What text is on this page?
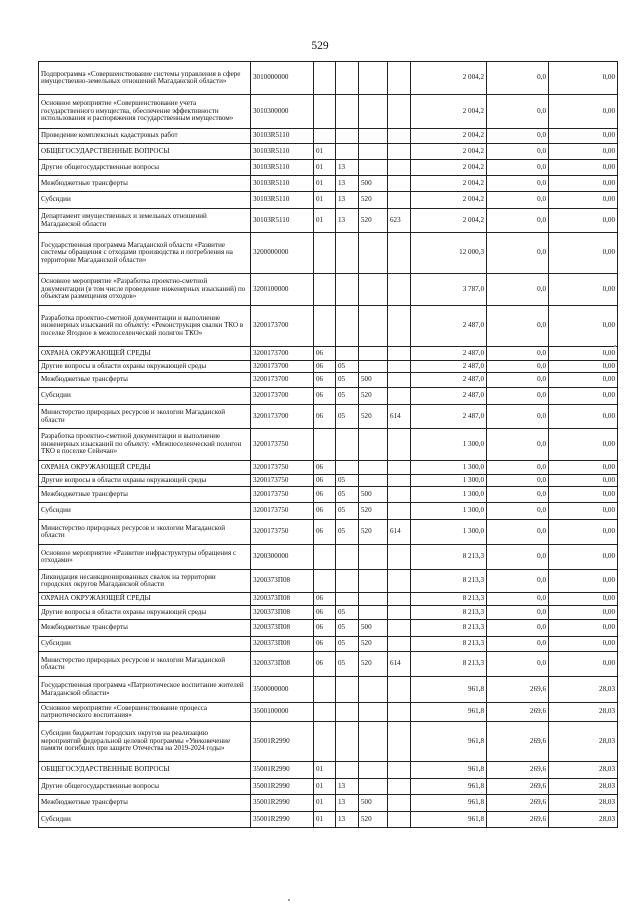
529
Подпрограмма «Совершенствование системы управления в сфере имущественно-земельных отношений Магаданской области»	3010000000					2 004,2	0,0	0,00
Основное мероприятие «Совершенствование учета государственного имущества, обеспечение эффективности использования и распоряжения государственным имуществом»	3010300000					2 004,2	0,0	0,00
Проведение комплексных кадастровых работ	30103R5110					2 004,2	0,0	0,00
ОБЩЕГОСУДАРСТВЕННЫЕ ВОПРОСЫ	30103R5110	01				2 004,2	0,0	0,00
Другие общегосударственные вопросы	30103R5110	01	13			2 004,2	0,0	0,00
Межбюджетные трансферты	30103R5110	01	13	500		2 004,2	0,0	0,00
Субсидии	30103R5110	01	13	520		2 004,2	0,0	0,00
Департамент имущественных и земельных отношений Магаданской области	30103R5110	01	13	520	623	2 004,2	0,0	0,00
Государственная программа Магаданской области «Развитие системы обращения с отходами производства и потребления на территории Магаданской области»	3200000000					12 000,3	0,0	0,00
Основное мероприятие «Разработка проектно-сметной документации (в том числе проведение инженерных изысканий) по объектам размещения отходов»	3200100000					3 787,0	0,0	0,00
Разработка проектно-сметной документации и выполнение инженерных изысканий по объекту: «Реконструкция свалки ТКО в поселке Ягодное в межпоселенческий полигон ТКО»	3200173700					2 487,0	0,0	0,00
ОХРАНА ОКРУЖАЮЩЕЙ СРЕДЫ	3200173700	06				2 487,0	0,0	0,00
Другие вопросы в области охраны окружающей среды	3200173700	06	05			2 487,0	0,0	0,00
Межбюджетные трансферты	3200173700	06	05	500		2 487,0	0,0	0,00
Субсидии	3200173700	06	05	520		2 487,0	0,0	0,00
Министерство природных ресурсов и экологии Магаданской области	3200173700	06	05	520	614	2 487,0	0,0	0,00
Разработка проектно-сметной документации и выполнение инженерных изысканий по объекту: «Межпоселенческий полигон ТКО в поселке Сейнчан»	3200173750					1 300,0	0,0	0,00
ОХРАНА ОКРУЖАЮЩЕЙ СРЕДЫ	3200173750	06				1 300,0	0,0	0,00
Другие вопросы в области охраны окружающей среды	3200173750	06	05			1 300,0	0,0	0,00
Межбюджетные трансферты	3200173750	06	05	500		1 300,0	0,0	0,00
Субсидии	3200173750	06	05	520		1 300,0	0,0	0,00
Министерство природных ресурсов и экологии Магаданской области	3200173750	06	05	520	614	1 300,0	0,0	0,00
Основное мероприятие «Развитие инфраструктуры обращения с отходами»	3200300000					8 213,3	0,0	0,00
Ликвидация несанкционированных свалок на территории городских округов Магаданской области	3200373П08					8 213,3	0,0	0,00
ОХРАНА ОКРУЖАЮЩЕЙ СРЕДЫ	3200373П08	06				8 213,3	0,0	0,00
Другие вопросы в области охраны окружающей среды	3200373П08	06	05			8 213,3	0,0	0,00
Межбюджетные трансферты	3200373П08	06	05	500		8 213,3	0,0	0,00
Субсидии	3200373П08	06	05	520		8 213,3	0,0	0,00
Министерство природных ресурсов и экологии Магаданской области	3200373П08	06	05	520	614	8 213,3	0,0	0,00
Государственная программа «Патриотическое воспитание жителей Магаданской области»	3500000000					961,8	269,6	28,03
Основное мероприятие «Совершенствование процесса патриотического воспитания»	3500100000					961,8	269,6	28,03
Субсидии бюджетам городских округов на реализацию мероприятий федеральной целевой программы «Увековечение памяти погибших при защите Отечества на 2019-2024 годы»	35001R2990					961,8	269,6	28,03
ОБЩЕГОСУДАРСТВЕННЫЕ ВОПРОСЫ	35001R2990	01				961,8	269,6	28,03
Другие общегосударственные вопросы	35001R2990	01	13			961,8	269,6	28,03
Межбюджетные трансферты	35001R2990	01	13	500		961,8	269,6	28,03
Субсидии	35001R2990	01	13	520		961,8	269,6	28,03
